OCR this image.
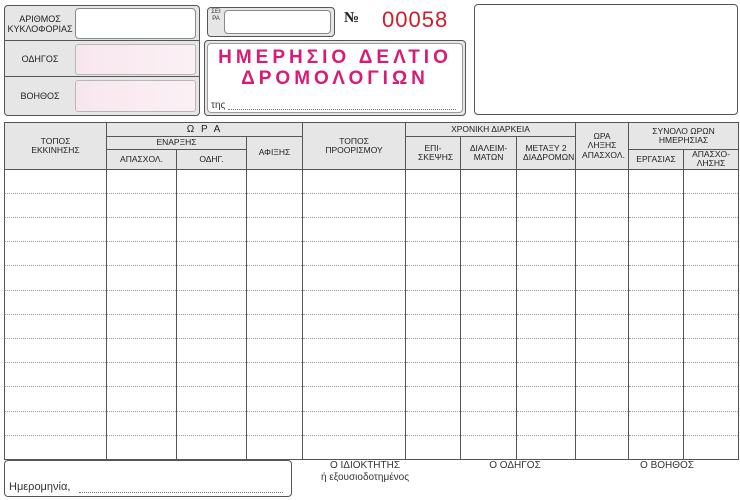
ΑΡΙΘΜΟΣ ΚΥΚΛΟΦΟΡΙΑΣ
ΟΔΗΓΟΣ
ΒΟΗΘΟΣ
ΣΕΙΡΑ	№ 00058
ΗΜΕΡΗΣΙΟ ΔΕΛΤΙΟ
ΔΡΟΜΟΛΟΓΙΩΝ
της
ΤΟΠΟΣ ΕΚΚΙΝΗΣΗΣ	Ω Ρ Α			ΤΟΠΟΣ ΠΡΟΟΡΙΣΜΟΥ	ΧΡΟΝΙΚΗ ΔΙΑΡΚΕΙΑ			ΩΡΑ ΛΗΞΗΣ ΑΠΑΣΧΟΛ.	ΣΥΝΟΛΟ ΩΡΩΝ ΗΜΕΡΗΣΙΑΣ	
	ΕΝΑΡΞΗΣ		ΑΦΙΞΗΣ		ΕΠΙ- ΣΚΕΨΗΣ	ΔΙΑΛΕΙΜ- ΜΑΤΩΝ	ΜΕΤΑΞΥ 2 ΔΙΑΔΡΟΜΩΝ			
	ΑΠΑΣΧΟΛ.	ΟΔΗΓ.							ΕΡΓΑΣΙΑΣ	ΑΠΑΣΧΟ- ΛΗΣΗΣ

Ημερομηνία,
Ο ΙΔΙΟΚΤΗΤΗΣ
ή εξουσιοδοτημένος
Ο ΟΔΗΓΟΣ	Ο ΒΟΗΘΟΣ
